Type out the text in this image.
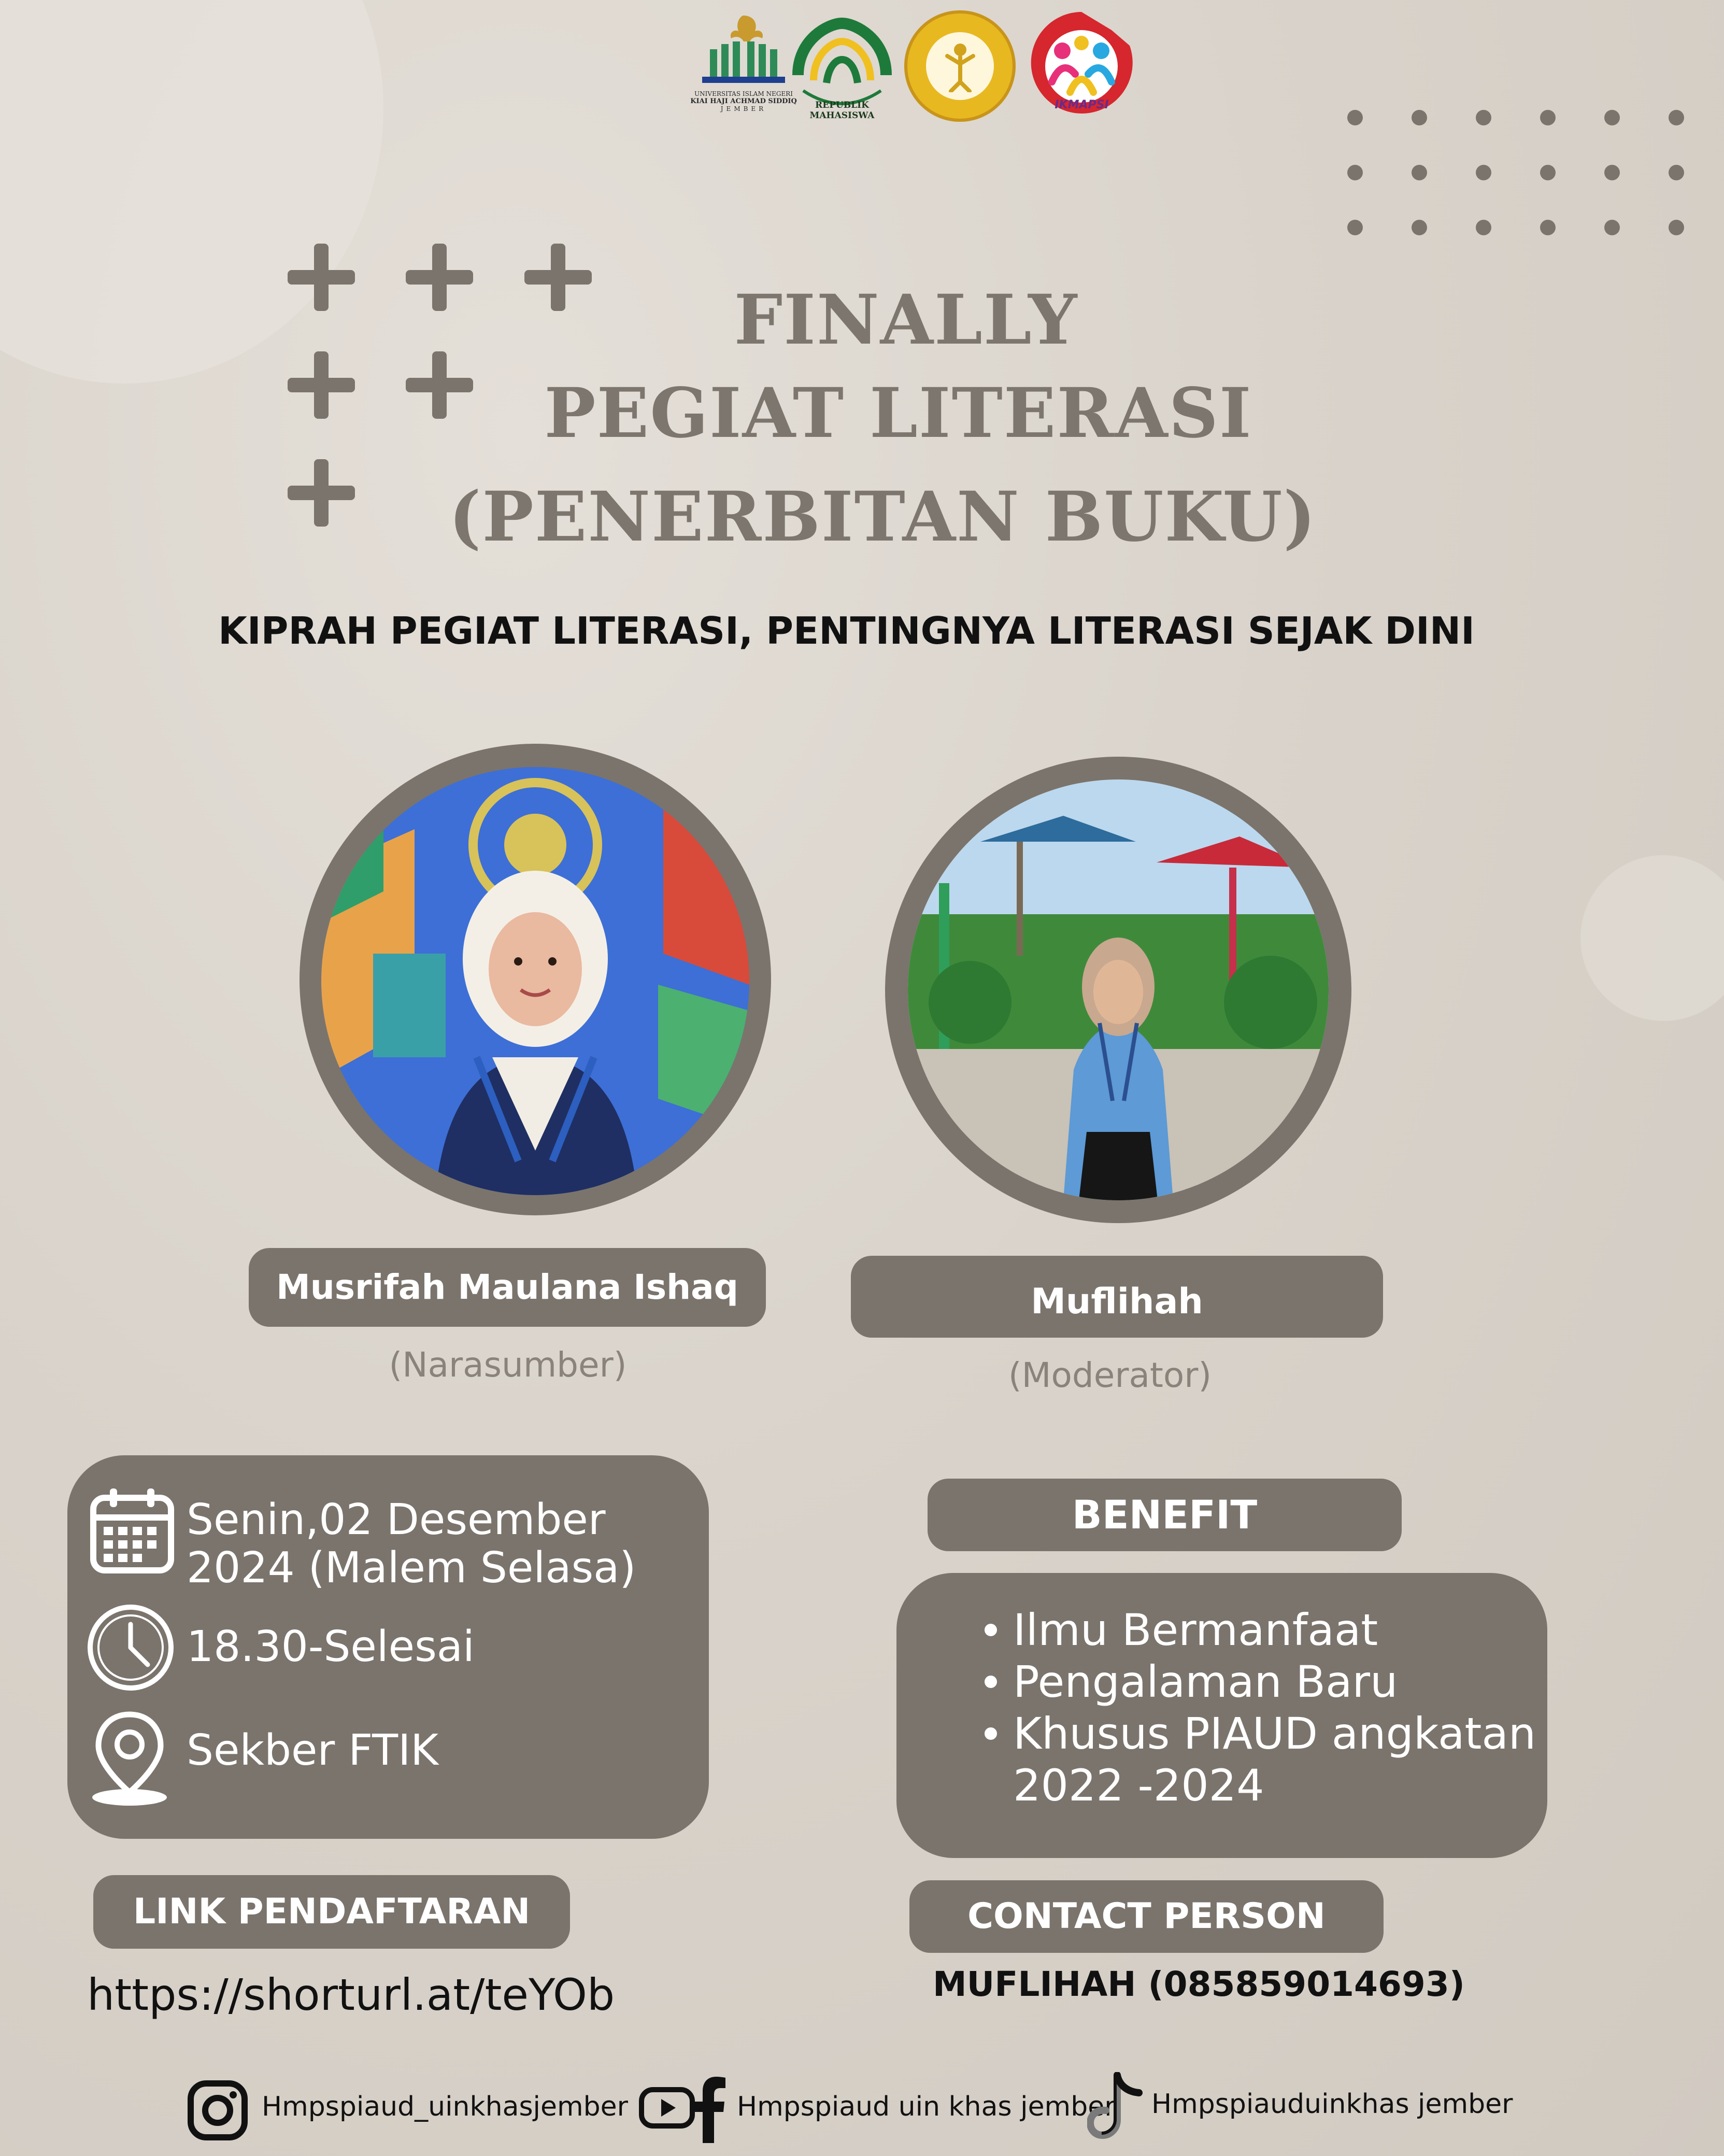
UNIVERSITAS ISLAM NEGERI
KIAI HAJI ACHMAD SIDDIQ
JEMBER	REPUBLIK MAHASISWA
IKMAPSI
FINALLY
PEGIAT LITERASI
(PENERBITAN BUKU)
KIPRAH PEGIAT LITERASI, PENTINGNYA LITERASI SEJAK DINI
Musrifah Maulana Ishaq
(Narasumber)
Muflihah
(Moderator)
Senin,02 Desember
2024 (Malem Selasa)
18.30-Selesai
Sekber FTIK
BENEFIT
Ilmu Bermanfaat
Pengalaman Baru
Khusus PIAUD angkatan
2022 -2024
LINK PENDAFTARAN
https://shorturl.at/teYOb
CONTACT PERSON
MUFLIHAH (085859014693)
Hmpspiaud_uinkhasjember	Hmpspiaud uin khas jember Hmpspiauduinkhas jember
